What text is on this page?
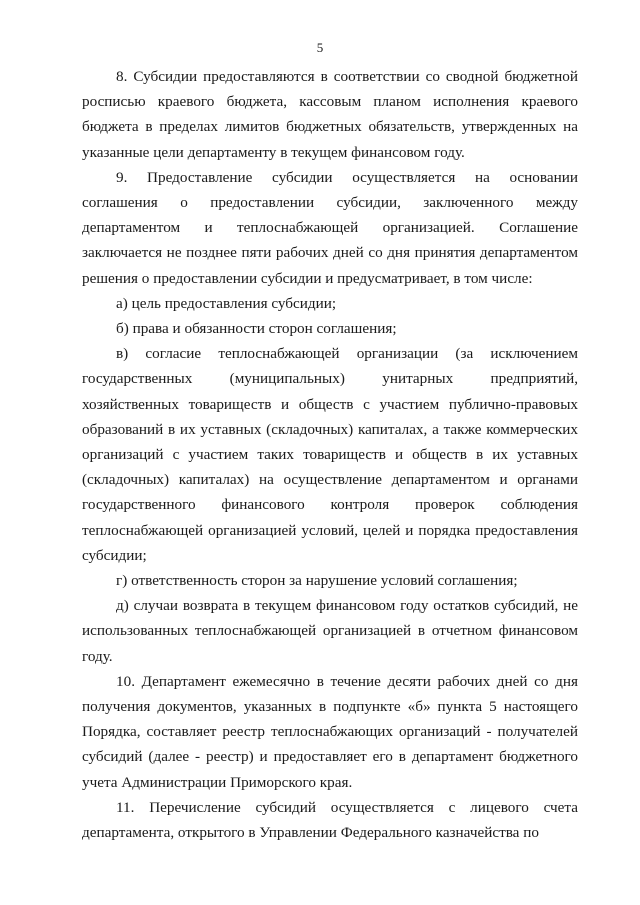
5

8. Субсидии предоставляются в соответствии со сводной бюджетной росписью краевого бюджета, кассовым планом исполнения краевого бюджета в пределах лимитов бюджетных обязательств, утвержденных на указанные цели департаменту в текущем финансовом году.

9. Предоставление субсидии осуществляется на основании соглашения о предоставлении субсидии, заключенного между департаментом и теплоснабжающей организацией. Соглашение заключается не позднее пяти рабочих дней со дня принятия департаментом решения о предоставлении субсидии и предусматривает, в том числе:

а) цель предоставления субсидии;

б) права и обязанности сторон соглашения;

в) согласие теплоснабжающей организации (за исключением государственных (муниципальных) унитарных предприятий, хозяйственных товариществ и обществ с участием публично-правовых образований в их уставных (складочных) капиталах, а также коммерческих организаций с участием таких товариществ и обществ в их уставных (складочных) капиталах) на осуществление департаментом и органами государственного финансового контроля проверок соблюдения теплоснабжающей организацией условий, целей и порядка предоставления субсидии;

г) ответственность сторон за нарушение условий соглашения;

д) случаи возврата в текущем финансовом году остатков субсидий, не использованных теплоснабжающей организацией в отчетном финансовом году.

10. Департамент ежемесячно в течение десяти рабочих дней со дня получения документов, указанных в подпункте «б» пункта 5 настоящего Порядка, составляет реестр теплоснабжающих организаций - получателей субсидий (далее - реестр) и предоставляет его в департамент бюджетного учета Администрации Приморского края.

11. Перечисление субсидий осуществляется с лицевого счета департамента, открытого в Управлении Федерального казначейства по
